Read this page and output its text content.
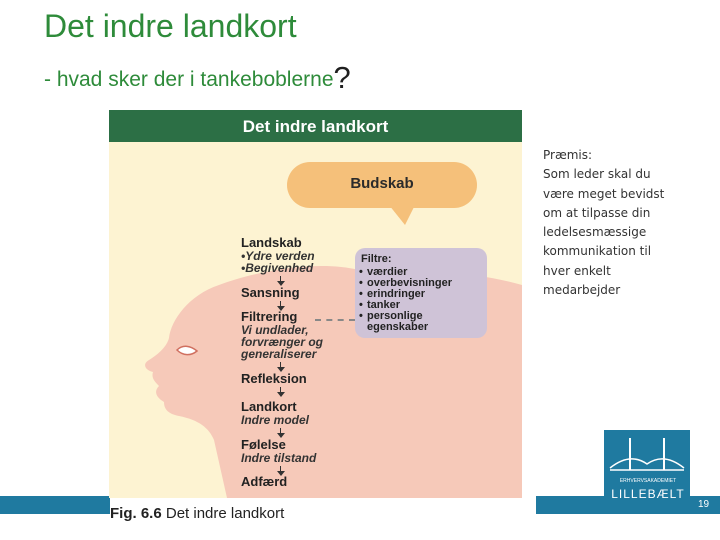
Det indre landkort
- hvad sker der i tankeboblerne?
Det indre landkort
Budskab
Filtre:
• værdier
• overbevisninger
• erindringer
• tanker
• personlige
egenskaber
Landskab
•Ydre verden
•Begivenhed
Sansning
Filtrering
Vi undlader,
forvrænger og
generaliserer
Refleksion
Landkort
Indre model
Følelse
Indre tilstand
Adfærd
Fig. 6.6 Det indre landkort
Præmis:
Som leder skal du
være meget bevidst
om at tilpasse din
ledelsesmæssige
kommunikation til
hver enkelt
medarbejder
ERHVERVSAKADEMIET
LILLEBÆLT
19
